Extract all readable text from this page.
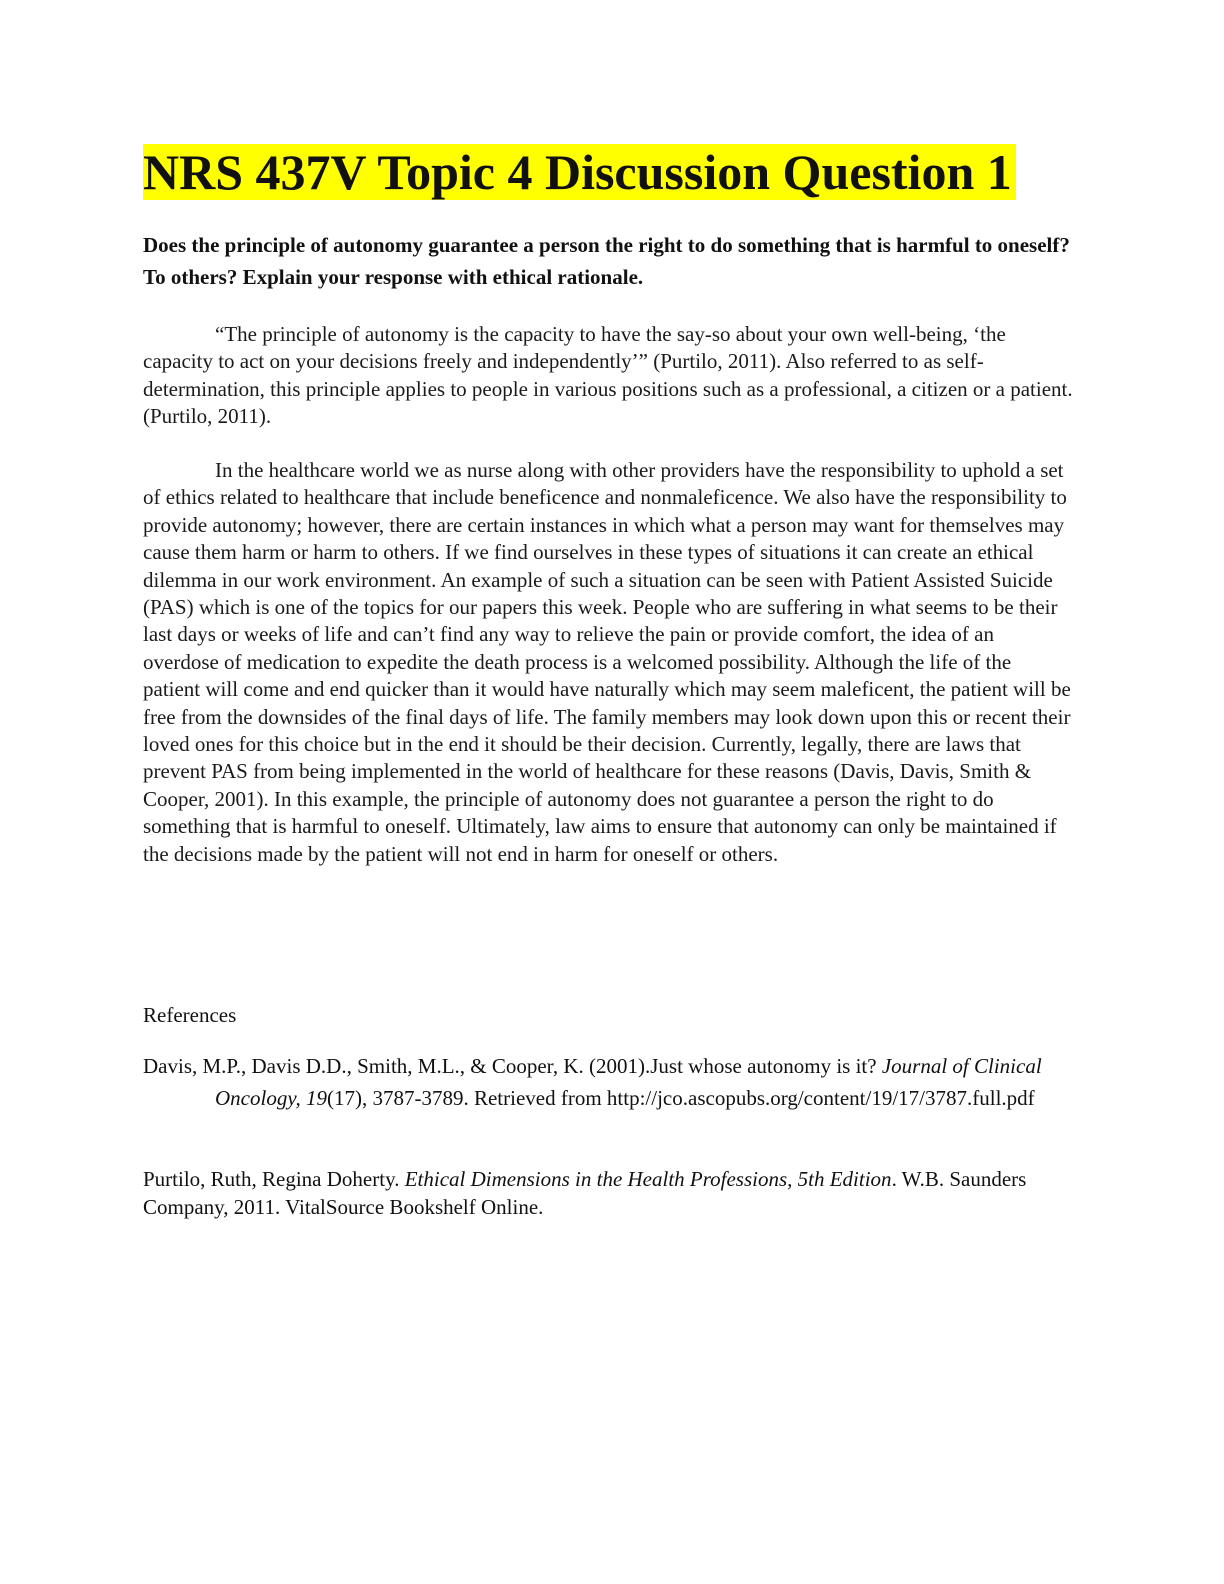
NRS 437V Topic 4 Discussion Question 1

Does the principle of autonomy guarantee a person the right to do something that is harmful to oneself? To others? Explain your response with ethical rationale.

“The principle of autonomy is the capacity to have the say-so about your own well-being, ‘the capacity to act on your decisions freely and independently’” (Purtilo, 2011). Also referred to as self-determination, this principle applies to people in various positions such as a professional, a citizen or a patient. (Purtilo, 2011).

In the healthcare world we as nurse along with other providers have the responsibility to uphold a set of ethics related to healthcare that include beneficence and nonmaleficence. We also have the responsibility to provide autonomy; however, there are certain instances in which what a person may want for themselves may cause them harm or harm to others. If we find ourselves in these types of situations it can create an ethical dilemma in our work environment. An example of such a situation can be seen with Patient Assisted Suicide (PAS) which is one of the topics for our papers this week. People who are suffering in what seems to be their last days or weeks of life and can’t find any way to relieve the pain or provide comfort, the idea of an overdose of medication to expedite the death process is a welcomed possibility. Although the life of the patient will come and end quicker than it would have naturally which may seem maleficent, the patient will be free from the downsides of the final days of life. The family members may look down upon this or recent their loved ones for this choice but in the end it should be their decision. Currently, legally, there are laws that prevent PAS from being implemented in the world of healthcare for these reasons (Davis, Davis, Smith & Cooper, 2001). In this example, the principle of autonomy does not guarantee a person the right to do something that is harmful to oneself. Ultimately, law aims to ensure that autonomy can only be maintained if the decisions made by the patient will not end in harm for oneself or others.

References

Davis, M.P., Davis D.D., Smith, M.L., & Cooper, K. (2001).Just whose autonomy is it? Journal of Clinical Oncology, 19(17), 3787-3789. Retrieved from http://jco.ascopubs.org/content/19/17/3787.full.pdf

Purtilo, Ruth, Regina Doherty. Ethical Dimensions in the Health Professions, 5th Edition. W.B. Saunders Company, 2011. VitalSource Bookshelf Online.
